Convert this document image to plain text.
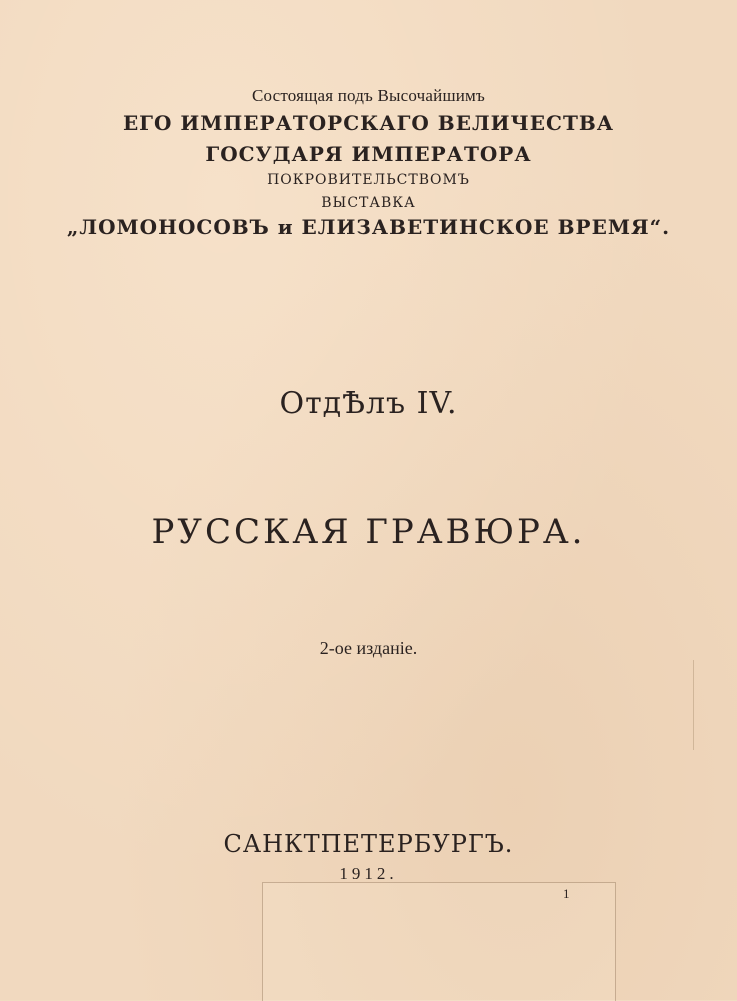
Состоящая подъ Высочайшимъ
ЕГО ИМПЕРАТОРСКАГО ВЕЛИЧЕСТВА
ГОСУДАРЯ ИМПЕРАТОРА
ПОКРОВИТЕЛЬСТВОМЪ
ВЫСТАВКА
„ЛОМОНОСОВЪ и ЕЛИЗАВЕТИНСКОЕ ВРЕМЯ“.
ОтдѢлъ IV.
РУССКАЯ ГРАВЮРА.
2-ое изданіе.
САНКТПЕТЕРБУРГЪ.
1912.
1
